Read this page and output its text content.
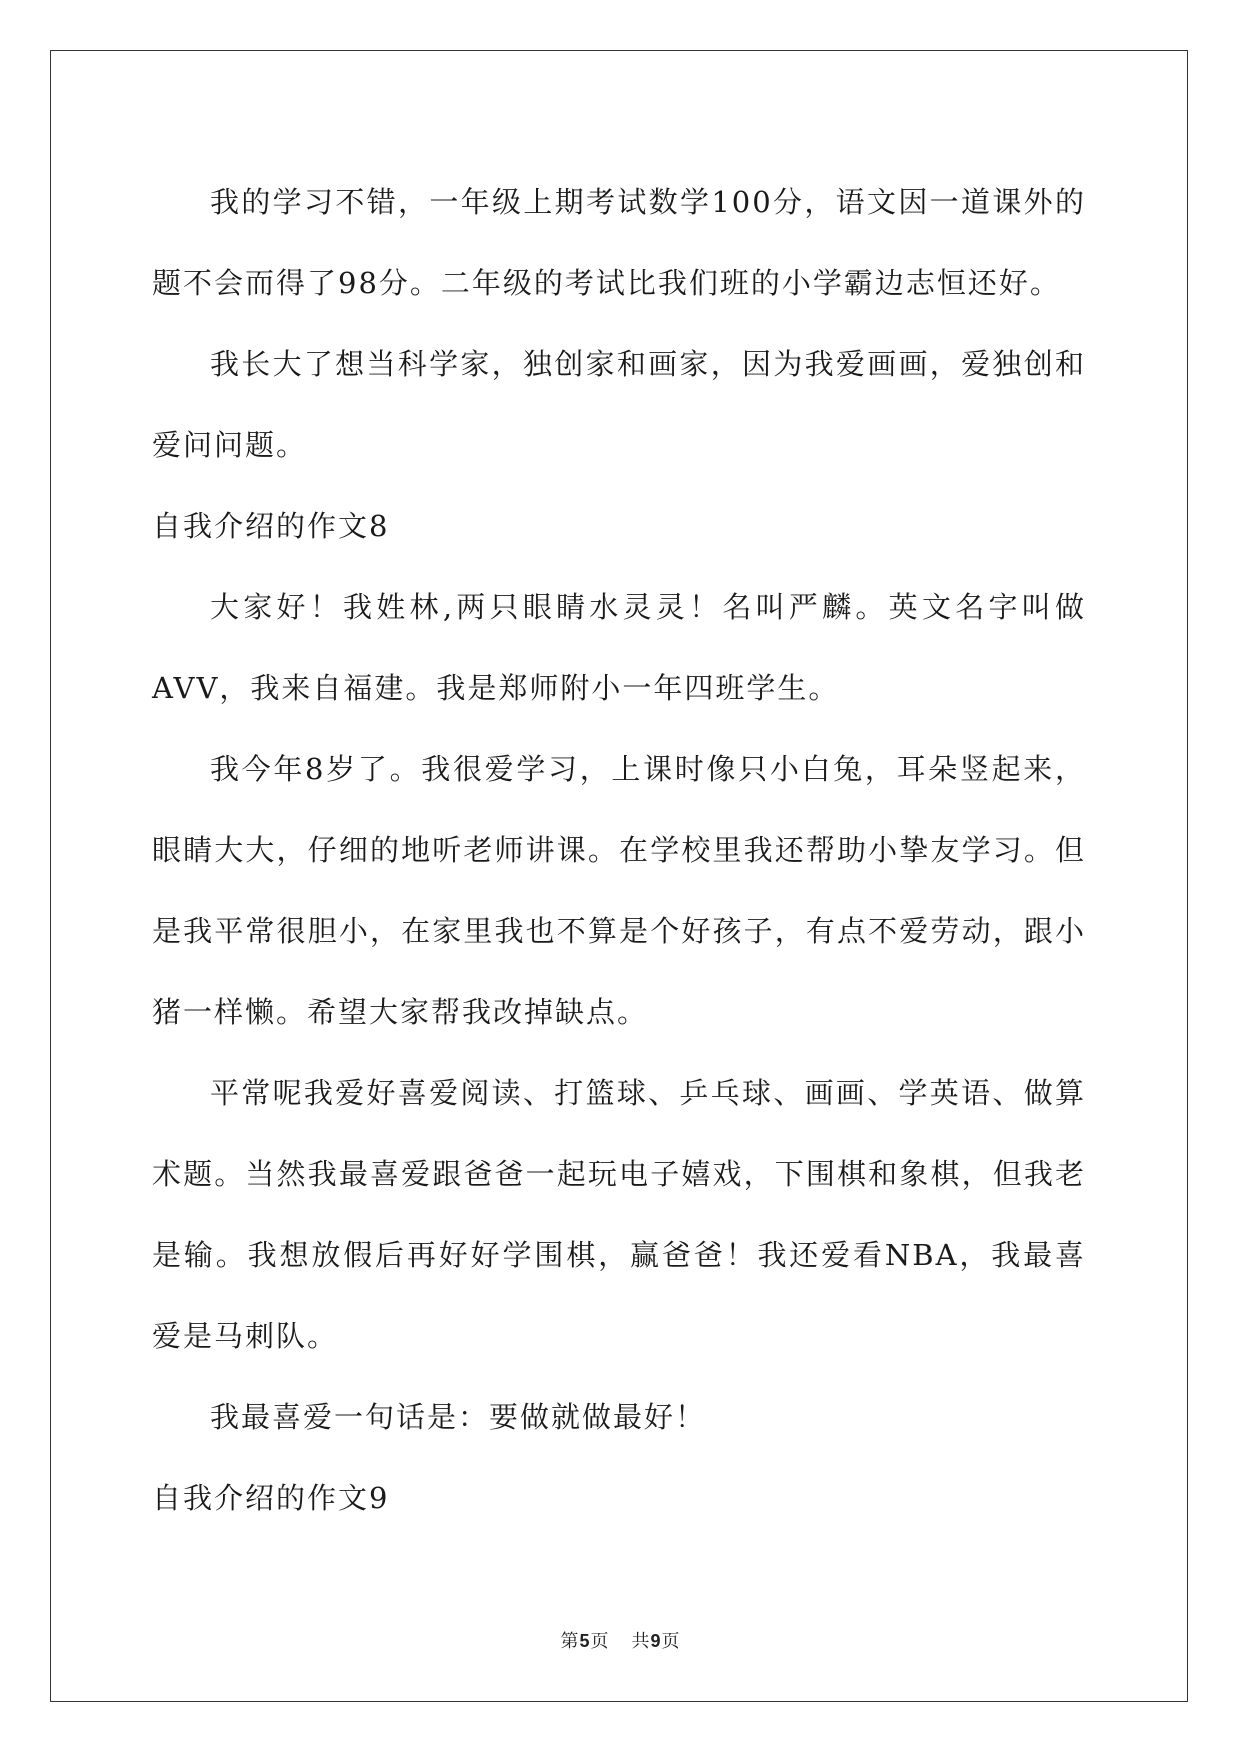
我的学习不错，一年级上期考试数学100分，语文因一道课外的题不会而得了98分。二年级的考试比我们班的小学霸边志恒还好。

我长大了想当科学家，独创家和画家，因为我爱画画，爱独创和爱问问题。

自我介绍的作文8

大家好！我姓林,两只眼睛水灵灵！名叫严麟。英文名字叫做AVV，我来自福建。我是郑师附小一年四班学生。

我今年8岁了。我很爱学习，上课时像只小白兔，耳朵竖起来，眼睛大大，仔细的地听老师讲课。在学校里我还帮助小挚友学习。但是我平常很胆小，在家里我也不算是个好孩子，有点不爱劳动，跟小猪一样懒。希望大家帮我改掉缺点。

平常呢我爱好喜爱阅读、打篮球、乒乓球、画画、学英语、做算术题。当然我最喜爱跟爸爸一起玩电子嬉戏，下围棋和象棋，但我老是输。我想放假后再好好学围棋，赢爸爸！我还爱看NBA，我最喜爱是马刺队。

我最喜爱一句话是：要做就做最好！

自我介绍的作文9

第5页 共9页
